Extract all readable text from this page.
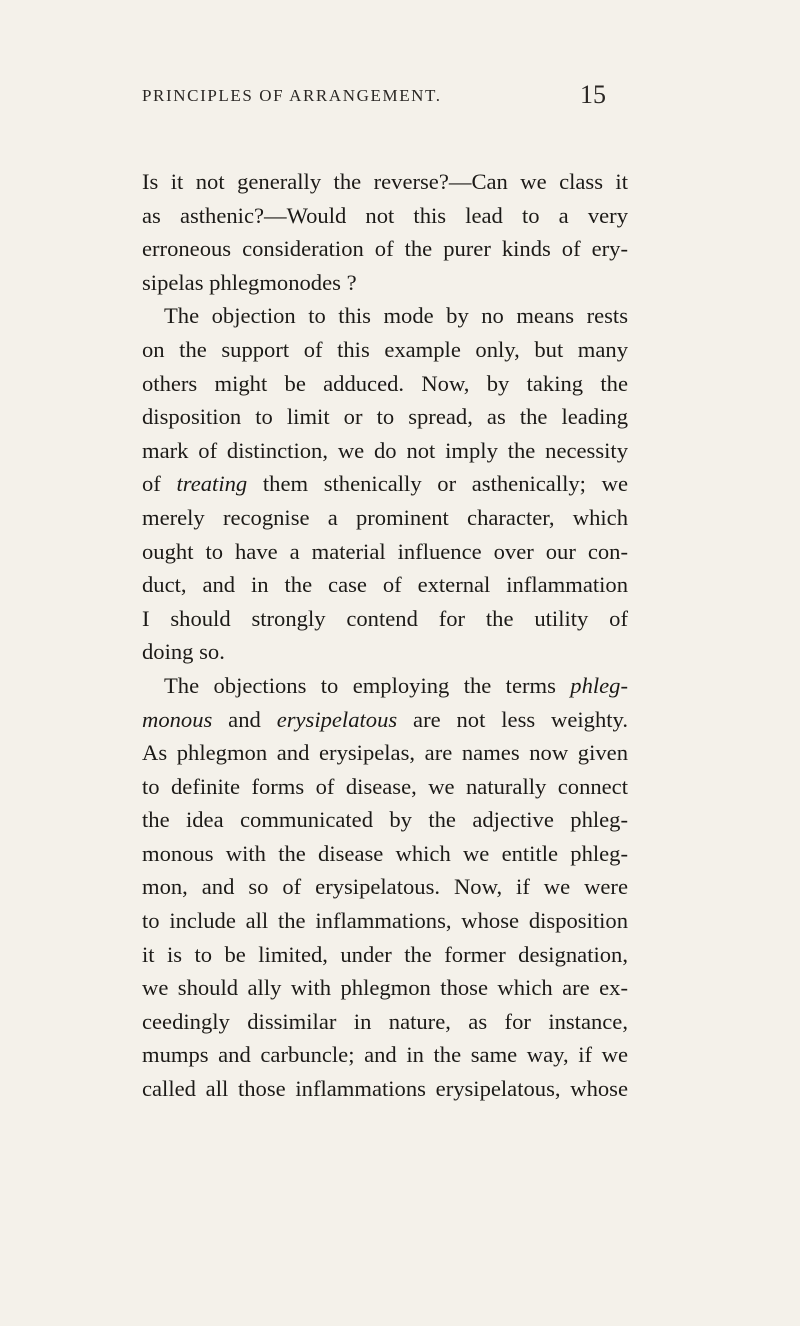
PRINCIPLES OF ARRANGEMENT.	15
Is it not generally the reverse?—Can we class it
as asthenic?—Would not this lead to a very
erroneous consideration of the purer kinds of ery-
sipelas phlegmonodes ?
The objection to this mode by no means rests
on the support of this example only, but many
others might be adduced. Now, by taking the
disposition to limit or to spread, as the leading
mark of distinction, we do not imply the necessity
of treating them sthenically or asthenically; we
merely recognise a prominent character, which
ought to have a material influence over our con-
duct, and in the case of external inflammation
I should strongly contend for the utility of
doing so.
The objections to employing the terms phleg-
monous and erysipelatous are not less weighty.
As phlegmon and erysipelas, are names now given
to definite forms of disease, we naturally connect
the idea communicated by the adjective phleg-
monous with the disease which we entitle phleg-
mon, and so of erysipelatous. Now, if we were
to include all the inflammations, whose disposition
it is to be limited, under the former designation,
we should ally with phlegmon those which are ex-
ceedingly dissimilar in nature, as for instance,
mumps and carbuncle; and in the same way, if we
called all those inflammations erysipelatous, whose
